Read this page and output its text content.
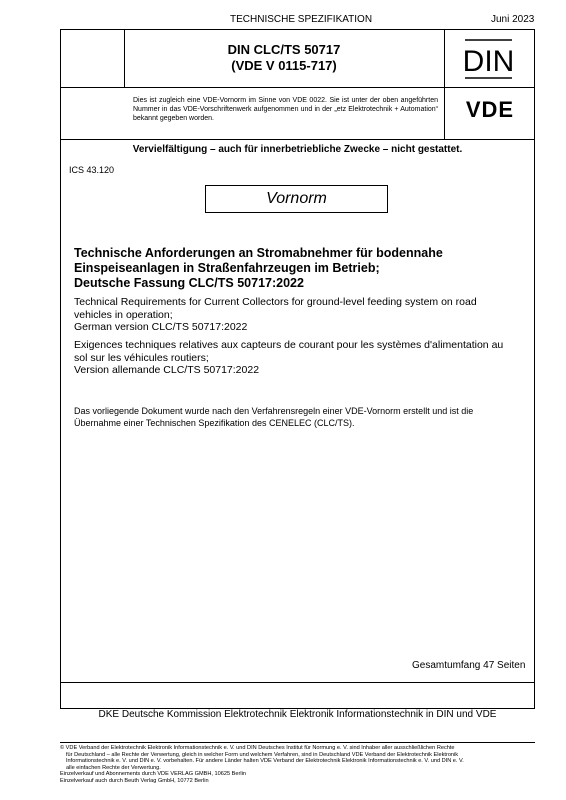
TECHNISCHE SPEZIFIKATION	Juni 2023
DIN CLC/TS 50717
(VDE V 0115-717)	DIN
Dies ist zugleich eine VDE-Vornorm im Sinne von VDE 0022. Sie ist unter der oben angeführten Nummer in das VDE-Vorschriftenwerk aufgenommen und in der „etz Elektrotechnik + Automation“ bekannt gegeben worden.	VDE
Vervielfältigung – auch für innerbetriebliche Zwecke – nicht gestattet.
ICS 43.120
Vornorm
Technische Anforderungen an Stromabnehmer für bodennahe
Einspeiseanlagen in Straßenfahrzeugen im Betrieb;
Deutsche Fassung CLC/TS 50717:2022
Technical Requirements for Current Collectors for ground-level feeding system on road
vehicles in operation;
German version CLC/TS 50717:2022
Exigences techniques relatives aux capteurs de courant pour les systèmes d'alimentation au
sol sur les véhicules routiers;
Version allemande CLC/TS 50717:2022
Das vorliegende Dokument wurde nach den Verfahrensregeln einer VDE-Vornorm erstellt und ist die
Übernahme einer Technischen Spezifikation des CENELEC (CLC/TS).
Gesamtumfang 47 Seiten
DKE Deutsche Kommission Elektrotechnik Elektronik Informationstechnik in DIN und VDE
© VDE Verband der Elektrotechnik Elektronik Informationstechnik e. V. und DIN Deutsches Institut für Normung e. V. sind Inhaber aller ausschließlichen Rechte
für Deutschland – alle Rechte der Verwertung, gleich in welcher Form und welchem Verfahren, sind in Deutschland VDE Verband der Elektrotechnik Elektronik
Informationstechnik e. V. und DIN e. V. vorbehalten. Für andere Länder halten VDE Verband der Elektrotechnik Elektronik Informationstechnik e. V. und DIN e. V.
alle einfachen Rechte der Verwertung.
Einzelverkauf und Abonnements durch VDE VERLAG GMBH, 10625 Berlin
Einzelverkauf auch durch Beuth Verlag GmbH, 10772 Berlin
